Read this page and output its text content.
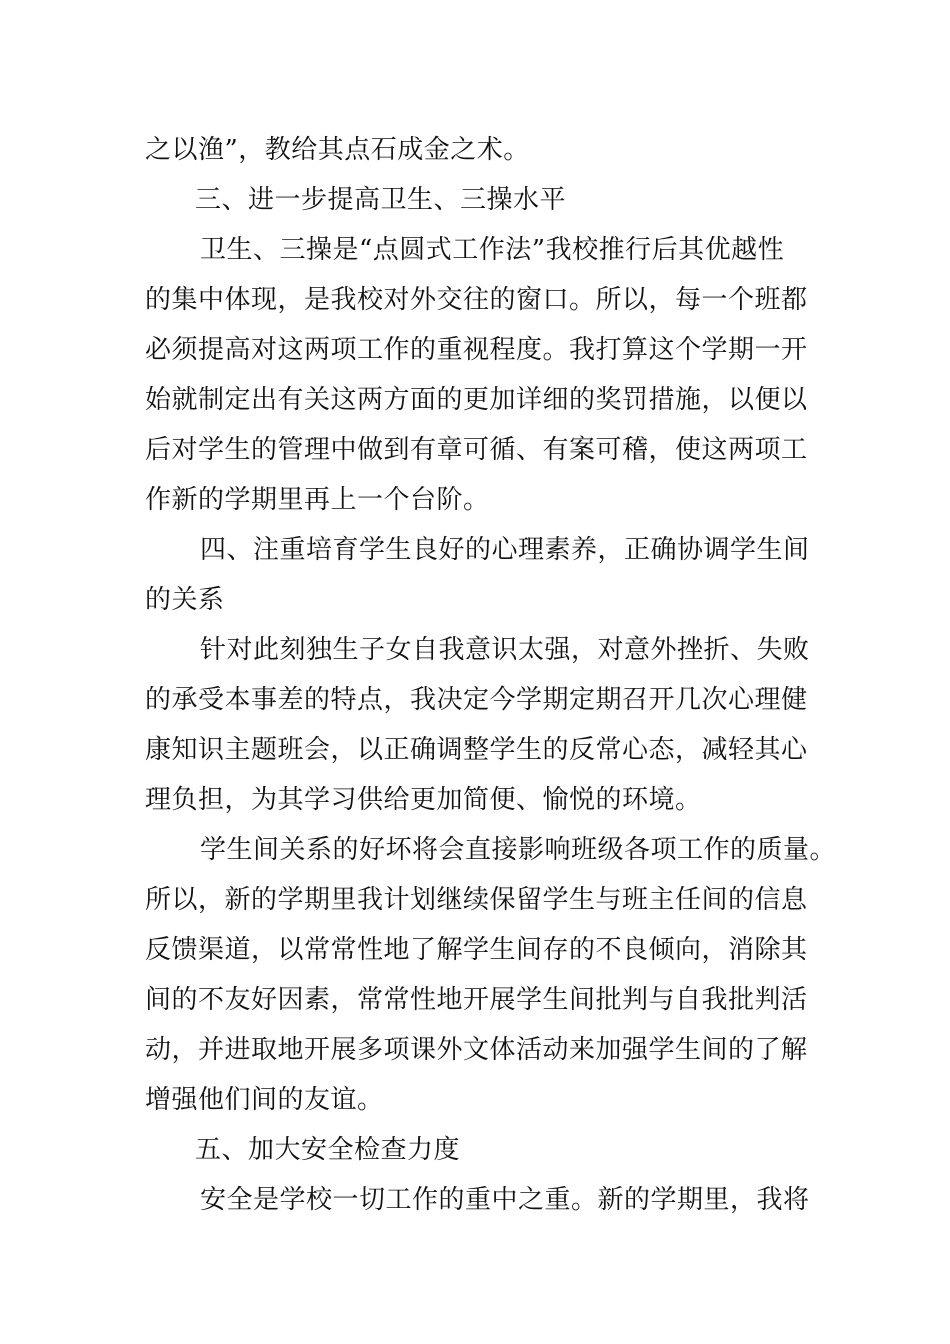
之以渔”，教给其点石成金之术。
三、进一步提高卫生、三操水平
卫生、三操是“点圆式工作法”我校推行后其优越性
的集中体现，是我校对外交往的窗口。所以，每一个班都
必须提高对这两项工作的重视程度。我打算这个学期一开
始就制定出有关这两方面的更加详细的奖罚措施，以便以
后对学生的管理中做到有章可循、有案可稽，使这两项工
作新的学期里再上一个台阶。
四、注重培育学生良好的心理素养，正确协调学生间
的关系
针对此刻独生子女自我意识太强，对意外挫折、失败
的承受本事差的特点，我决定今学期定期召开几次心理健
康知识主题班会，以正确调整学生的反常心态，减轻其心
理负担，为其学习供给更加简便、愉悦的环境。
学生间关系的好坏将会直接影响班级各项工作的质量。
所以，新的学期里我计划继续保留学生与班主任间的信息
反馈渠道，以常常性地了解学生间存的不良倾向，消除其
间的不友好因素，常常性地开展学生间批判与自我批判活
动，并进取地开展多项课外文体活动来加强学生间的了解
增强他们间的友谊。
五、加大安全检查力度
安全是学校一切工作的重中之重。新的学期里，我将
